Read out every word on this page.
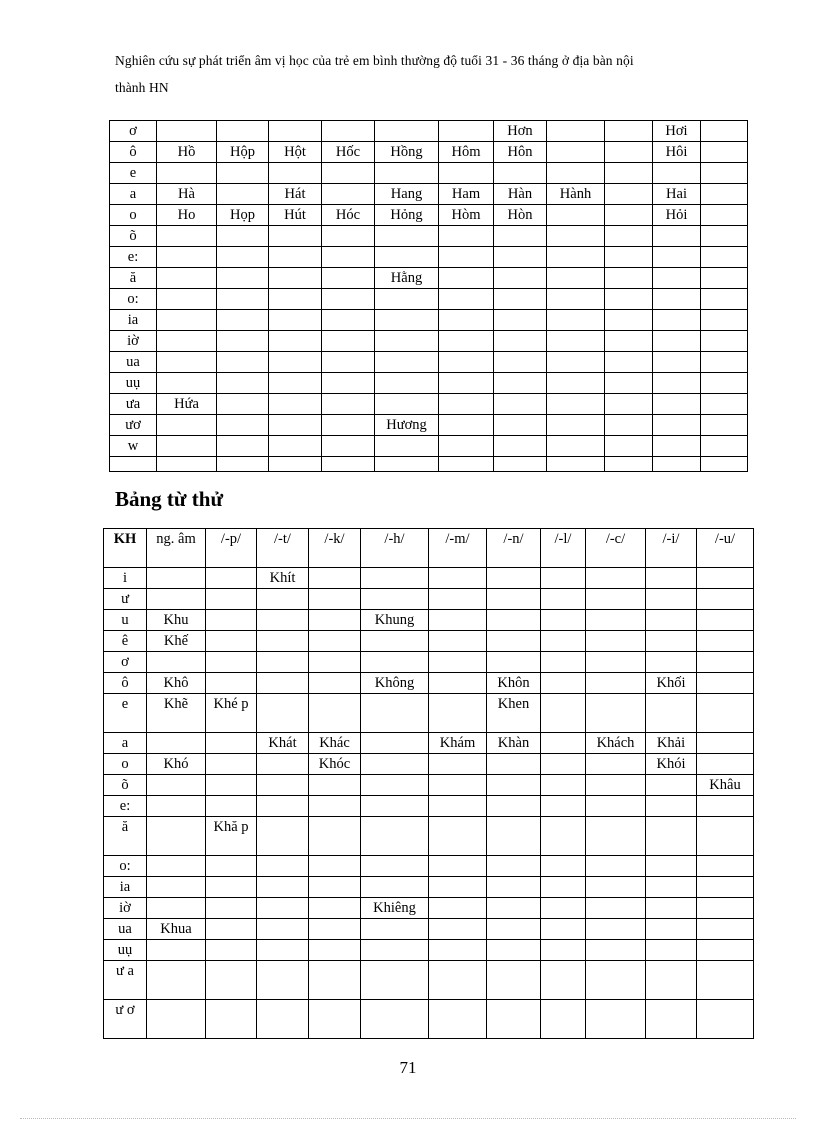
Nghiên cứu sự phát triển âm vị học của trẻ em bình thường độ tuổi 31 - 36 tháng ở địa bàn nội
thành HN
ơ							Hơn			Hơi	
ô	Hồ	Hộp	Hột	Hốc	Hồng	Hôm	Hôn			Hôi	
e											
a	Hà		Hát		Hang	Ham	Hàn	Hành		Hai	
o	Ho	Họp	Hút	Hóc	Hỏng	Hòm	Hòn			Hỏi	
õ											
e:											
ă					Hằng						
o:											
ia											
iờ											
ua											
uụ											
ưa	Hứa										
ươ					Hương						
w											

Bảng từ thử
KH	ng. âm	/-p/	/-t/	/-k/	/-h/	/-m/	/-n/	/-l/	/-c/	/-i/	/-u/
i			Khít								
ư											
u	Khu				Khung						
ê	Khế										
ơ											
ô	Khô				Không		Khôn			Khối	
e	Khẽ	Khé p					Khen				
a			Khát	Khác		Khám	Khàn		Khách	Khải	
o	Khó			Khóc						Khói	
õ											Khâu
e:											
ă		Khă p									
o:											
ia											
iờ					Khiêng						
ua	Khua										
uụ											
ư a											
ư ơ											
71
